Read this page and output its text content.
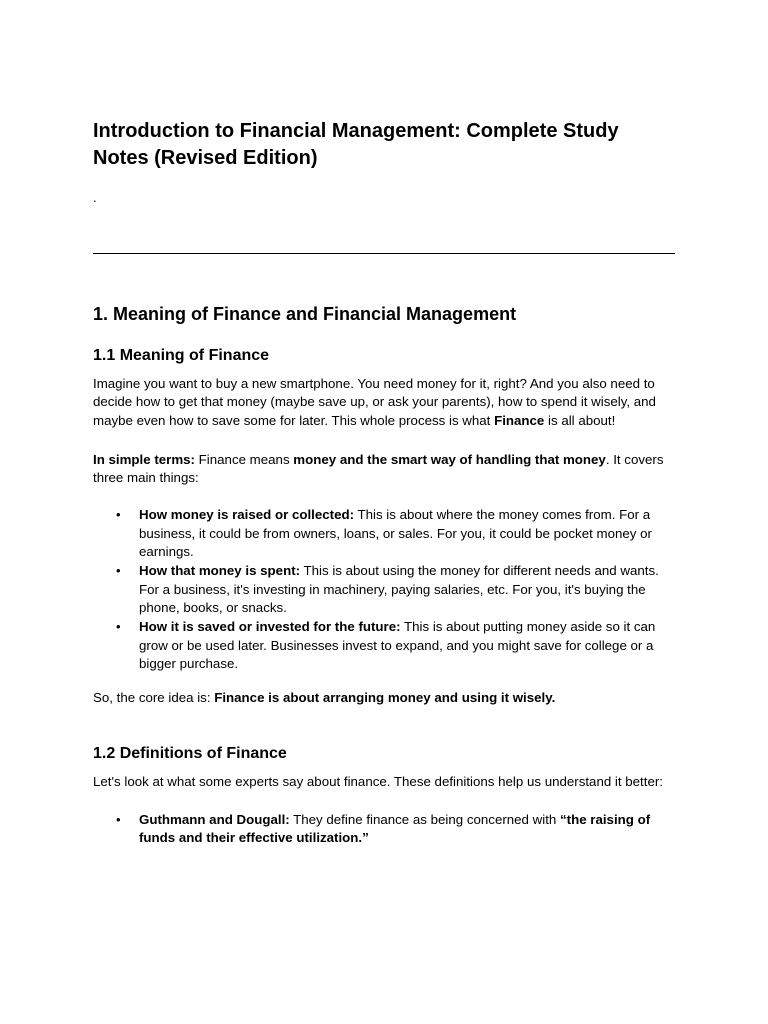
Introduction to Financial Management: Complete Study Notes (Revised Edition)

.

1. Meaning of Finance and Financial Management
1.1 Meaning of Finance

Imagine you want to buy a new smartphone. You need money for it, right? And you also need to decide how to get that money (maybe save up, or ask your parents), how to spend it wisely, and maybe even how to save some for later. This whole process is what Finance is all about!

In simple terms: Finance means money and the smart way of handling that money. It covers three main things:

• How money is raised or collected: This is about where the money comes from. For a business, it could be from owners, loans, or sales. For you, it could be pocket money or earnings.
• How that money is spent: This is about using the money for different needs and wants. For a business, it's investing in machinery, paying salaries, etc. For you, it's buying the phone, books, or snacks.
• How it is saved or invested for the future: This is about putting money aside so it can grow or be used later. Businesses invest to expand, and you might save for college or a bigger purchase.

So, the core idea is: Finance is about arranging money and using it wisely.

1.2 Definitions of Finance

Let's look at what some experts say about finance. These definitions help us understand it better:

• Guthmann and Dougall: They define finance as being concerned with “the raising of funds and their effective utilization.”
